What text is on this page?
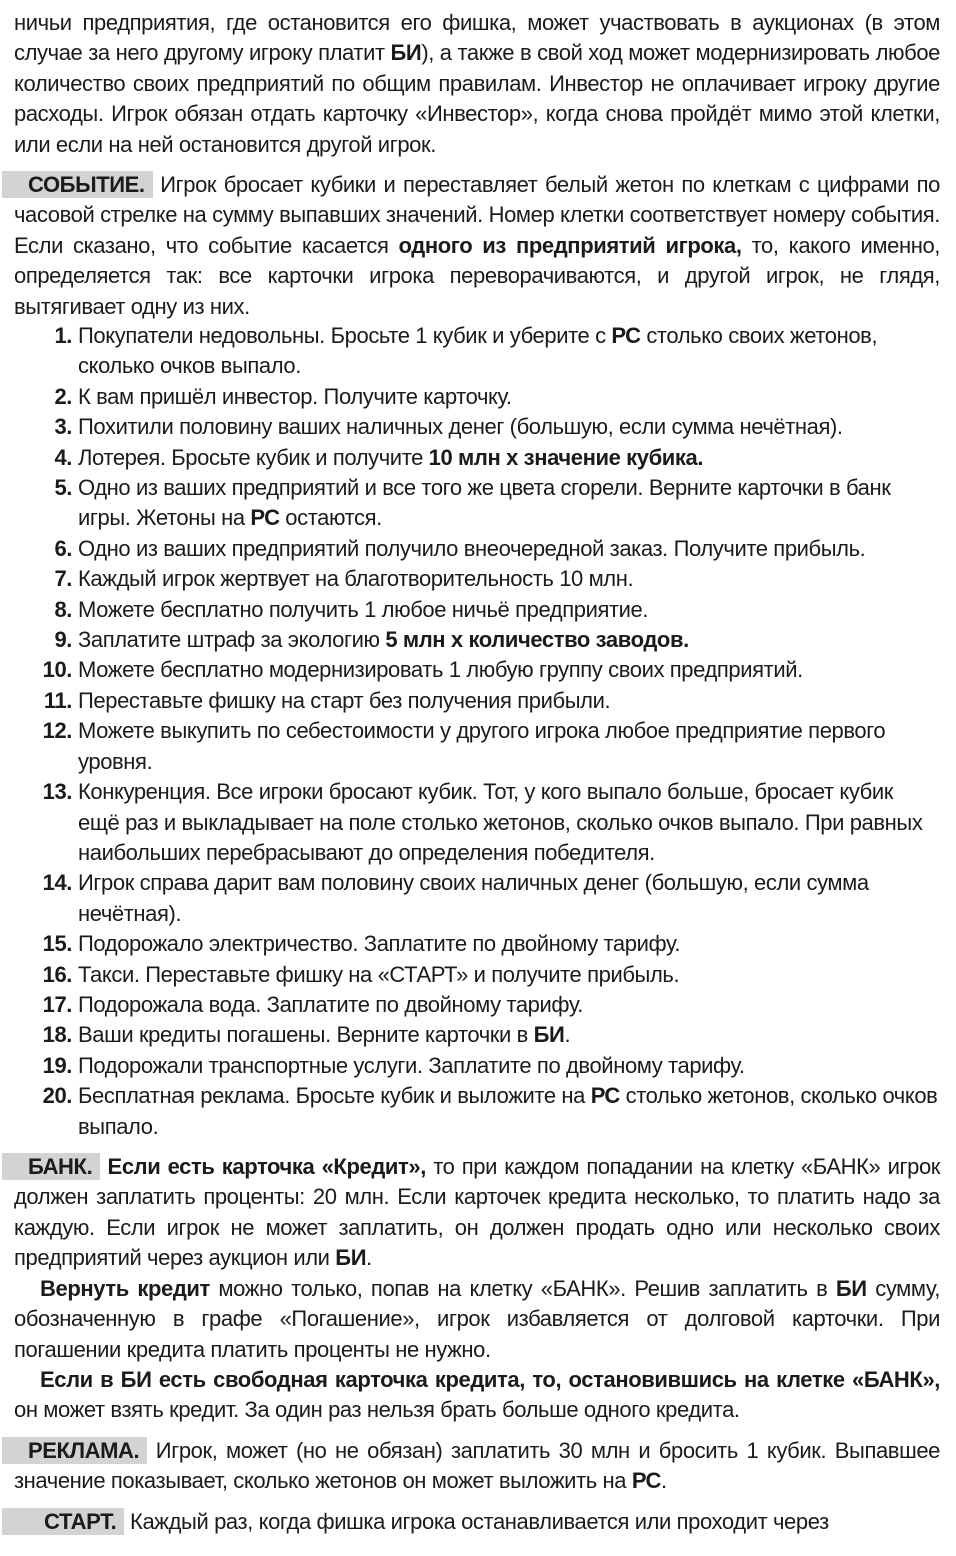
ничьи предприятия, где остановится его фишка, может участвовать в аукционах (в этом случае за него другому игроку платит БИ), а также в свой ход может модернизировать любое количество своих предприятий по общим правилам. Инвестор не оплачивает игроку другие расходы. Игрок обязан отдать карточку «Инвестор», когда снова пройдёт мимо этой клетки, или если на ней остановится другой игрок.

СОБЫТИЕ. Игрок бросает кубики и переставляет белый жетон по клеткам с цифрами по часовой стрелке на сумму выпавших значений. Номер клетки соответствует номеру события. Если сказано, что событие касается одного из предприятий игрока, то, какого именно, определяется так: все карточки игрока переворачиваются, и другой игрок, не глядя, вытягивает одну из них.

1. Покупатели недовольны. Бросьте 1 кубик и уберите с РС столько своих жетонов, сколько очков выпало.
2. К вам пришёл инвестор. Получите карточку.
3. Похитили половину ваших наличных денег (большую, если сумма нечётная).
4. Лотерея. Бросьте кубик и получите 10 млн х значение кубика.
5. Одно из ваших предприятий и все того же цвета сгорели. Верните карточки в банк игры. Жетоны на РС остаются.
6. Одно из ваших предприятий получило внеочередной заказ. Получите прибыль.
7. Каждый игрок жертвует на благотворительность 10 млн.
8. Можете бесплатно получить 1 любое ничьё предприятие.
9. Заплатите штраф за экологию 5 млн х количество заводов.
10. Можете бесплатно модернизировать 1 любую группу своих предприятий.
11. Переставьте фишку на старт без получения прибыли.
12. Можете выкупить по себестоимости у другого игрока любое предприятие первого уровня.
13. Конкуренция. Все игроки бросают кубик. Тот, у кого выпало больше, бросает кубик ещё раз и выкладывает на поле столько жетонов, сколько очков выпало. При равных наибольших перебрасывают до определения победителя.
14. Игрок справа дарит вам половину своих наличных денег (большую, если сумма нечётная).
15. Подорожало электричество. Заплатите по двойному тарифу.
16. Такси. Переставьте фишку на «СТАРТ» и получите прибыль.
17. Подорожала вода. Заплатите по двойному тарифу.
18. Ваши кредиты погашены. Верните карточки в БИ.
19. Подорожали транспортные услуги. Заплатите по двойному тарифу.
20. Бесплатная реклама. Бросьте кубик и выложите на РС столько жетонов, сколько очков выпало.

БАНК. Если есть карточка «Кредит», то при каждом попадании на клетку «БАНК» игрок должен заплатить проценты: 20 млн. Если карточек кредита несколько, то платить надо за каждую. Если игрок не может заплатить, он должен продать одно или несколько своих предприятий через аукцион или БИ.

Вернуть кредит можно только, попав на клетку «БАНК». Решив заплатить в БИ сумму, обозначенную в графе «Погашение», игрок избавляется от долговой карточки. При погашении кредита платить проценты не нужно.

Если в БИ есть свободная карточка кредита, то, остановившись на клетке «БАНК», он может взять кредит. За один раз нельзя брать больше одного кредита.

РЕКЛАМА. Игрок, может (но не обязан) заплатить 30 млн и бросить 1 кубик. Выпавшее значение показывает, сколько жетонов он может выложить на РС.

СТАРТ. Каждый раз, когда фишка игрока останавливается или проходит через
